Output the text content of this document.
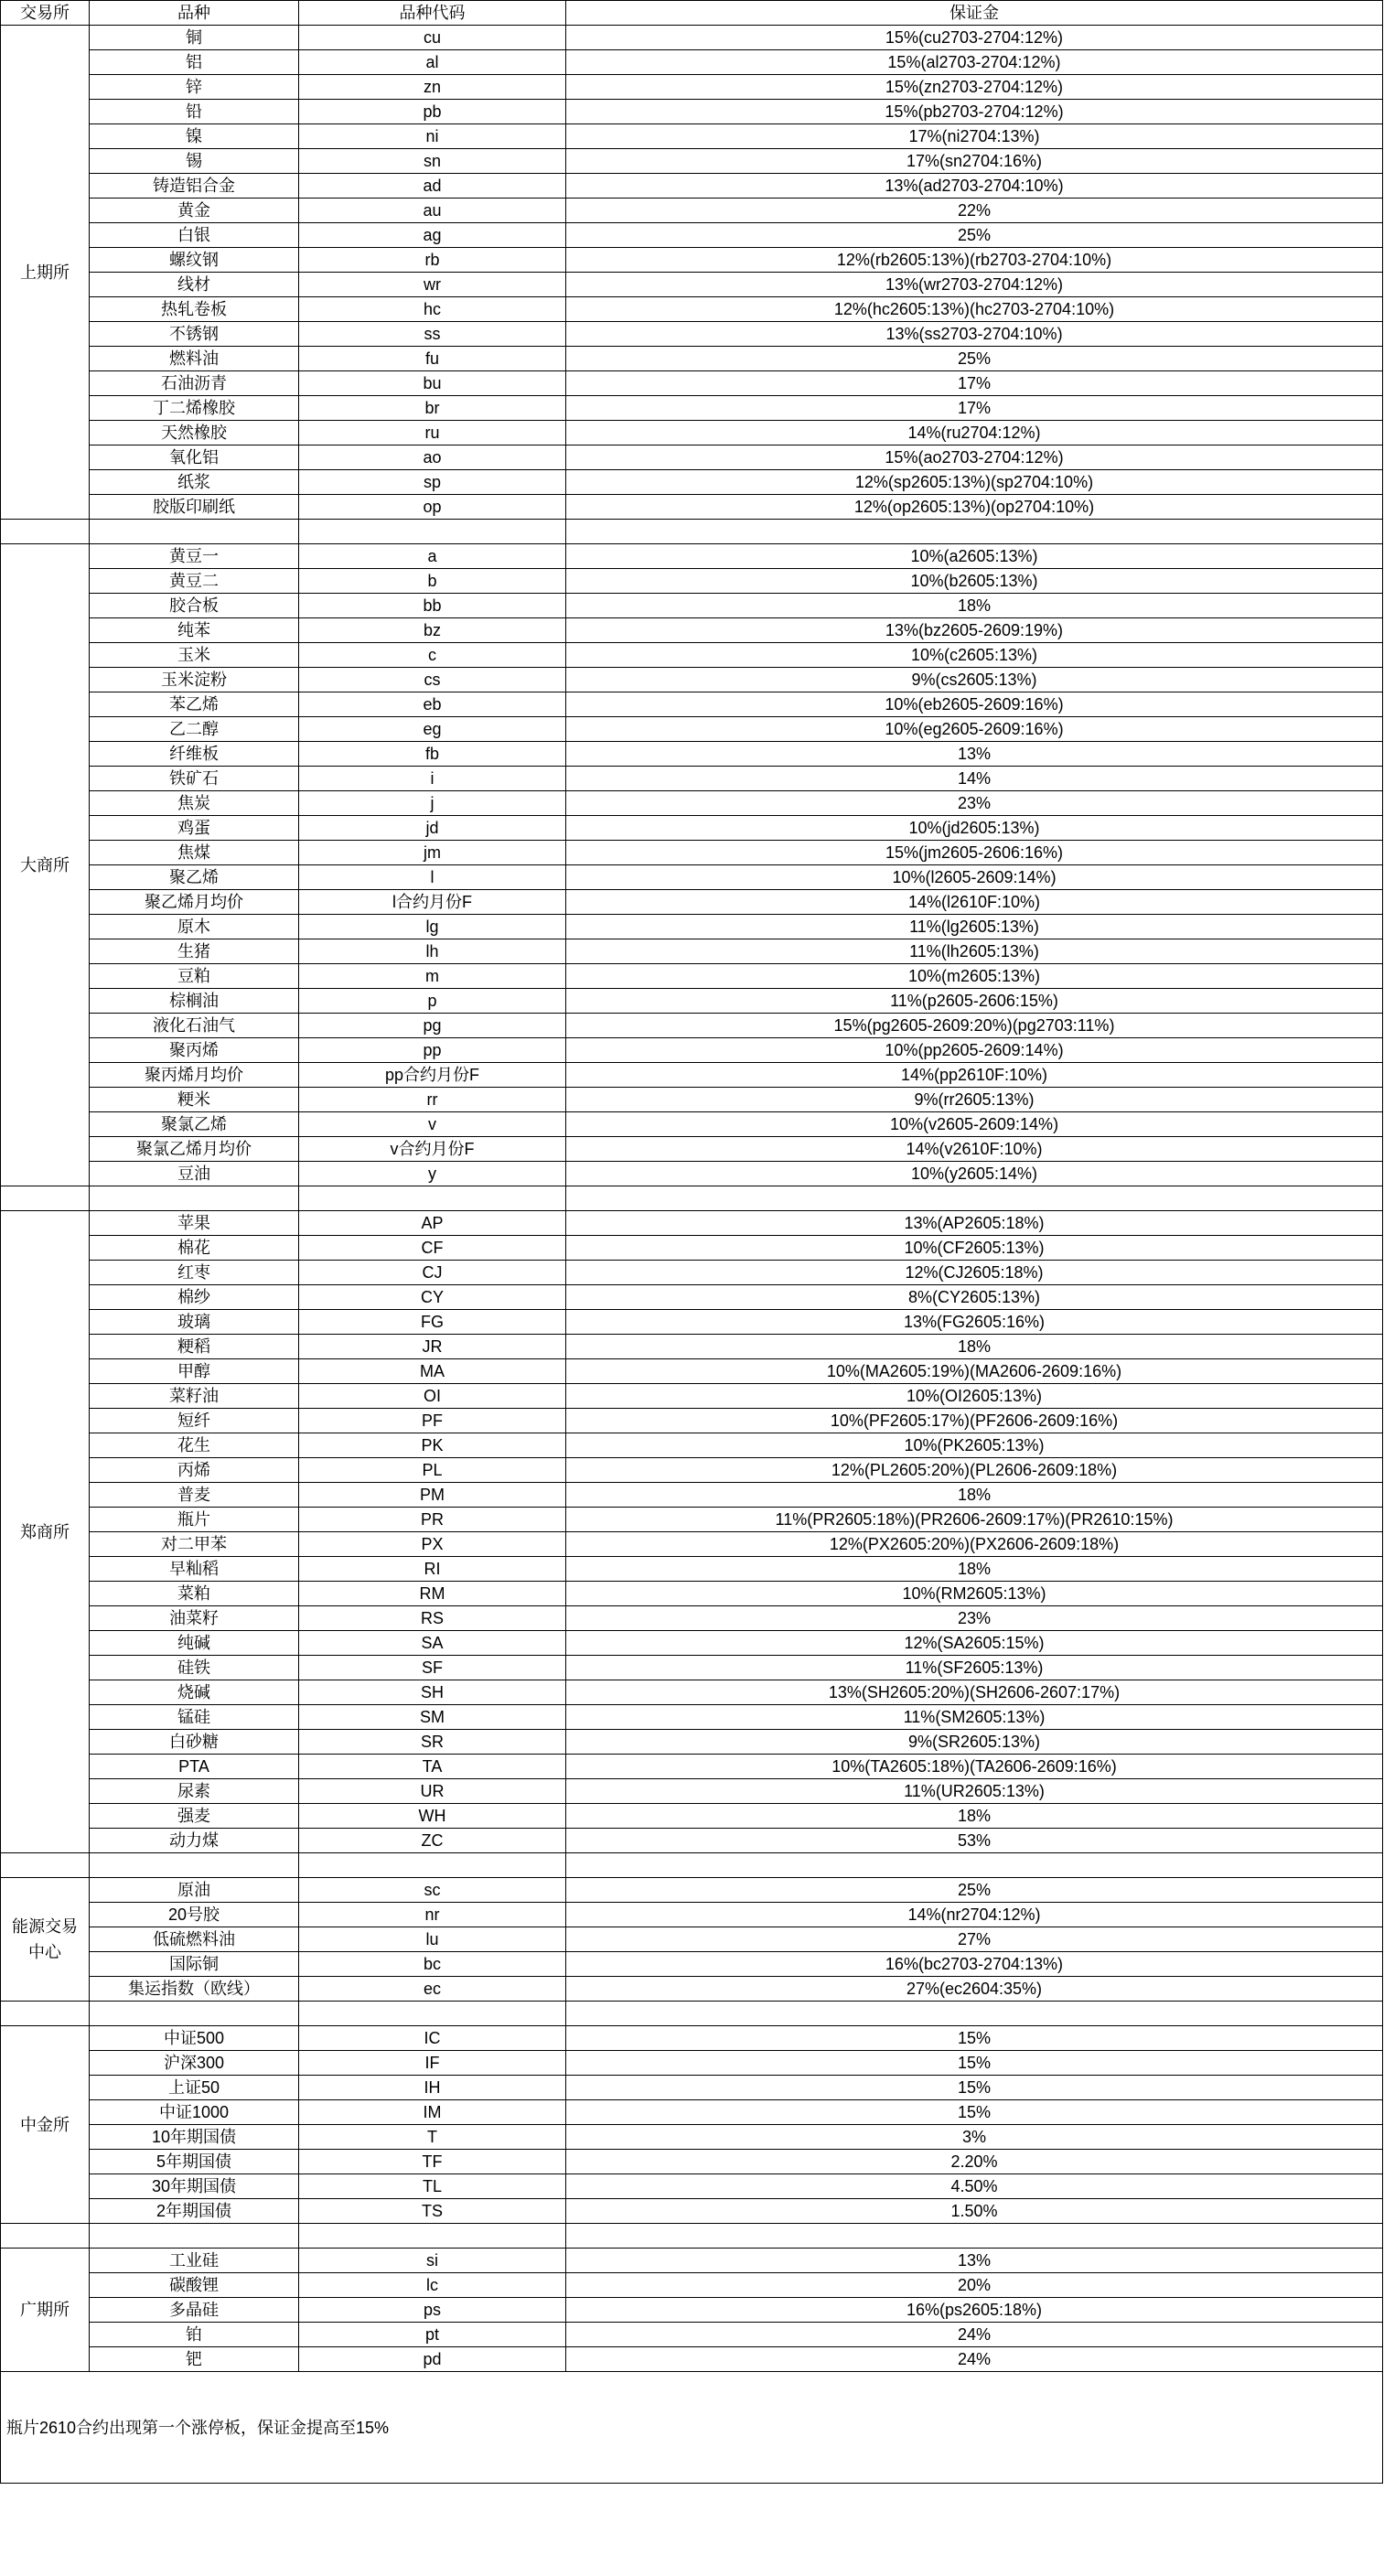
交易所	品种	品种代码	保证金
上期所	铜	cu	15%(cu2703-2704:12%)
	铝	al	15%(al2703-2704:12%)
	锌	zn	15%(zn2703-2704:12%)
	铅	pb	15%(pb2703-2704:12%)
	镍	ni	17%(ni2704:13%)
	锡	sn	17%(sn2704:16%)
	铸造铝合金	ad	13%(ad2703-2704:10%)
	黄金	au	22%
	白银	ag	25%
	螺纹钢	rb	12%(rb2605:13%)(rb2703-2704:10%)
	线材	wr	13%(wr2703-2704:12%)
	热轧卷板	hc	12%(hc2605:13%)(hc2703-2704:10%)
	不锈钢	ss	13%(ss2703-2704:10%)
	燃料油	fu	25%
	石油沥青	bu	17%
	丁二烯橡胶	br	17%
	天然橡胶	ru	14%(ru2704:12%)
	氧化铝	ao	15%(ao2703-2704:12%)
	纸浆	sp	12%(sp2605:13%)(sp2704:10%)
	胶版印刷纸	op	12%(op2605:13%)(op2704:10%)

大商所	黄豆一	a	10%(a2605:13%)
	黄豆二	b	10%(b2605:13%)
	胶合板	bb	18%
	纯苯	bz	13%(bz2605-2609:19%)
	玉米	c	10%(c2605:13%)
	玉米淀粉	cs	9%(cs2605:13%)
	苯乙烯	eb	10%(eb2605-2609:16%)
	乙二醇	eg	10%(eg2605-2609:16%)
	纤维板	fb	13%
	铁矿石	i	14%
	焦炭	j	23%
	鸡蛋	jd	10%(jd2605:13%)
	焦煤	jm	15%(jm2605-2606:16%)
	聚乙烯	l	10%(l2605-2609:14%)
	聚乙烯月均价	l合约月份F	14%(l2610F:10%)
	原木	lg	11%(lg2605:13%)
	生猪	lh	11%(lh2605:13%)
	豆粕	m	10%(m2605:13%)
	棕榈油	p	11%(p2605-2606:15%)
	液化石油气	pg	15%(pg2605-2609:20%)(pg2703:11%)
	聚丙烯	pp	10%(pp2605-2609:14%)
	聚丙烯月均价	pp合约月份F	14%(pp2610F:10%)
	粳米	rr	9%(rr2605:13%)
	聚氯乙烯	v	10%(v2605-2609:14%)
	聚氯乙烯月均价	v合约月份F	14%(v2610F:10%)
	豆油	y	10%(y2605:14%)

郑商所	苹果	AP	13%(AP2605:18%)
	棉花	CF	10%(CF2605:13%)
	红枣	CJ	12%(CJ2605:18%)
	棉纱	CY	8%(CY2605:13%)
	玻璃	FG	13%(FG2605:16%)
	粳稻	JR	18%
	甲醇	MA	10%(MA2605:19%)(MA2606-2609:16%)
	菜籽油	OI	10%(OI2605:13%)
	短纤	PF	10%(PF2605:17%)(PF2606-2609:16%)
	花生	PK	10%(PK2605:13%)
	丙烯	PL	12%(PL2605:20%)(PL2606-2609:18%)
	普麦	PM	18%
	瓶片	PR	11%(PR2605:18%)(PR2606-2609:17%)(PR2610:15%)
	对二甲苯	PX	12%(PX2605:20%)(PX2606-2609:18%)
	早籼稻	RI	18%
	菜粕	RM	10%(RM2605:13%)
	油菜籽	RS	23%
	纯碱	SA	12%(SA2605:15%)
	硅铁	SF	11%(SF2605:13%)
	烧碱	SH	13%(SH2605:20%)(SH2606-2607:17%)
	锰硅	SM	11%(SM2605:13%)
	白砂糖	SR	9%(SR2605:13%)
	PTA	TA	10%(TA2605:18%)(TA2606-2609:16%)
	尿素	UR	11%(UR2605:13%)
	强麦	WH	18%
	动力煤	ZC	53%

能源交易中心	原油	sc	25%
	20号胶	nr	14%(nr2704:12%)
	低硫燃料油	lu	27%
	国际铜	bc	16%(bc2703-2704:13%)
	集运指数（欧线）	ec	27%(ec2604:35%)

中金所	中证500	IC	15%
	沪深300	IF	15%
	上证50	IH	15%
	中证1000	IM	15%
	10年期国债	T	3%
	5年期国债	TF	2.20%
	30年期国债	TL	4.50%
	2年期国债	TS	1.50%

广期所	工业硅	si	13%
	碳酸锂	lc	20%
	多晶硅	ps	16%(ps2605:18%)
	铂	pt	24%
	钯	pd	24%
瓶片2610合约出现第一个涨停板，保证金提高至15%			
